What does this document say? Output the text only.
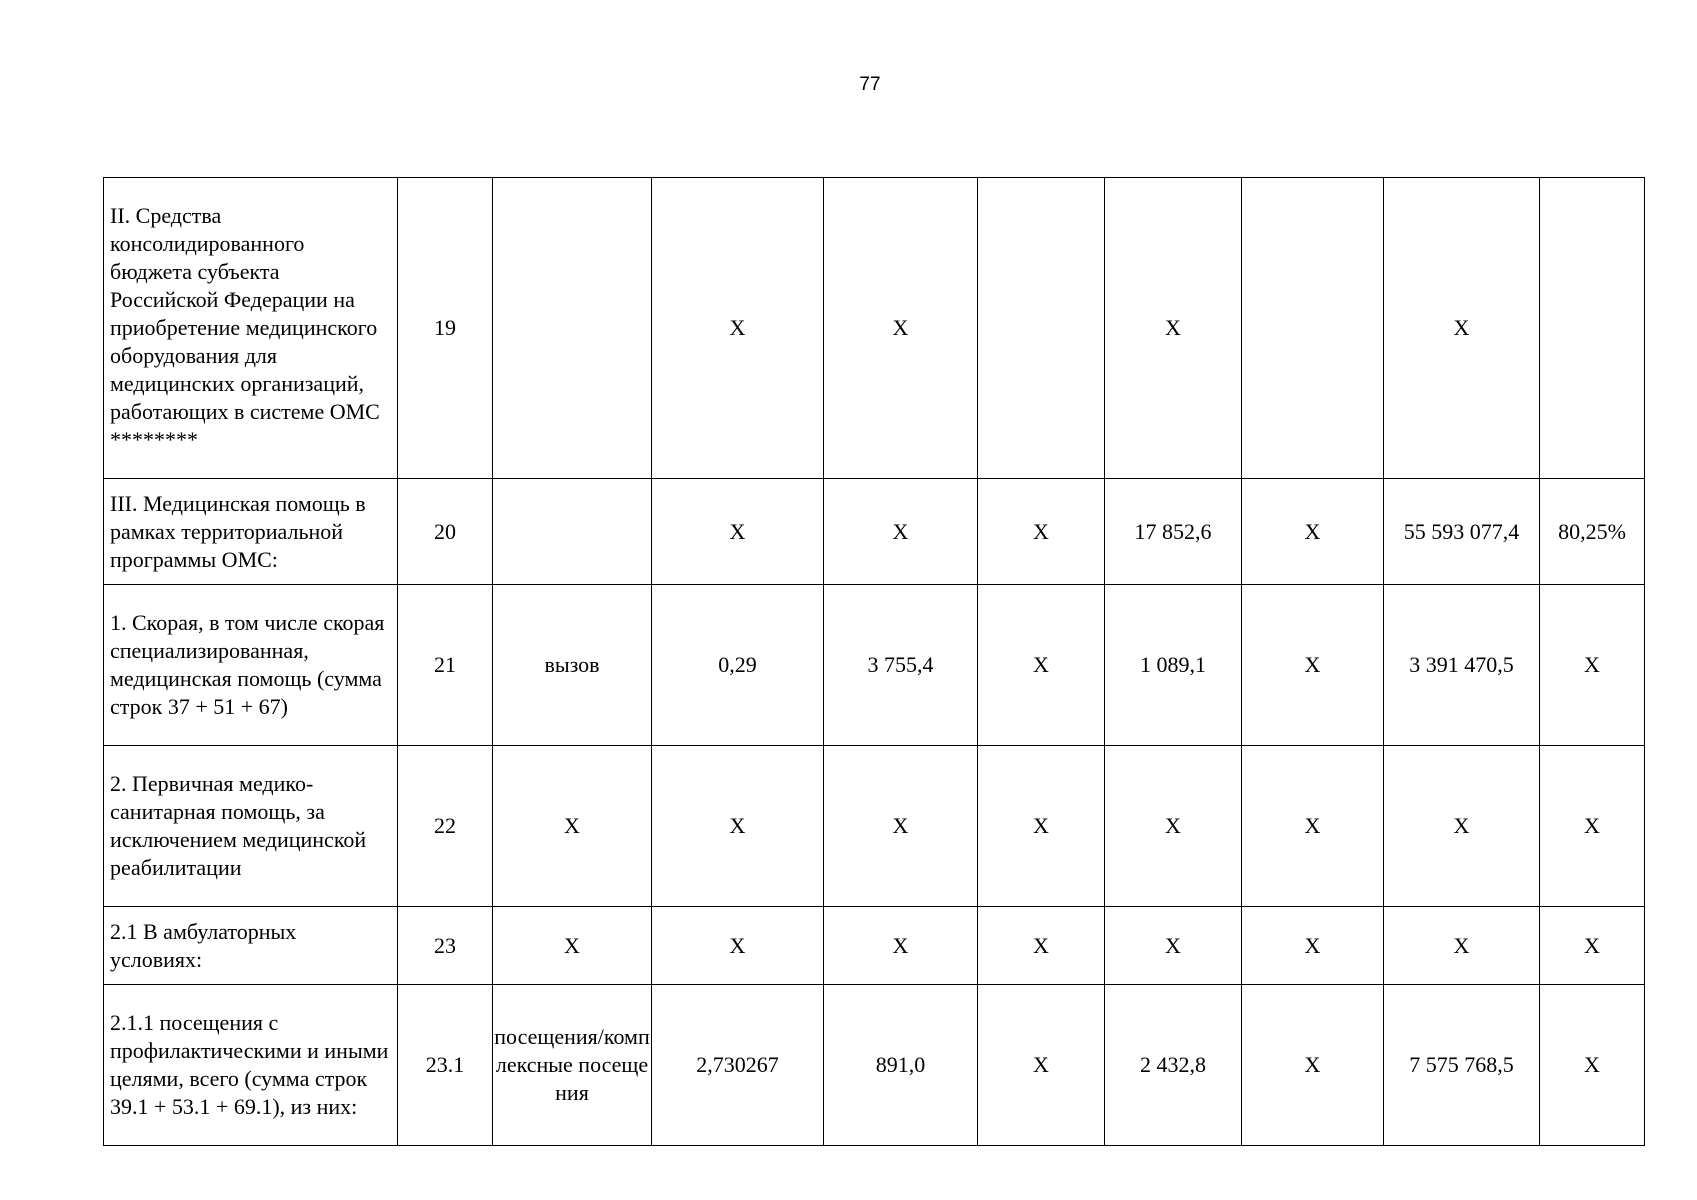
77
II. Средства консолидированного бюджета субъекта Российской Федерации на приобретение медицинского оборудования для медицинских организаций, работающих в системе ОМС ********	19		X	X		X		X	
III. Медицинская помощь в рамках территориальной программы ОМС:	20		X	X	X	17 852,6	X	55 593 077,4	80,25%
1. Скорая, в том числе скорая специализированная, медицинская помощь (сумма строк 37 + 51 + 67)	21	вызов	0,29	3 755,4	X	1 089,1	X	3 391 470,5	X
2. Первичная медико-санитарная помощь, за исключением медицинской реабилитации	22	X	X	X	X	X	X	X	X
2.1 В амбулаторных условиях:	23	X	X	X	X	X	X	X	X
2.1.1 посещения с профилактическими и иными целями, всего (сумма строк 39.1 + 53.1 + 69.1), из них:	23.1	посещения/комплексные посещения	2,730267	891,0	X	2 432,8	X	7 575 768,5	X
